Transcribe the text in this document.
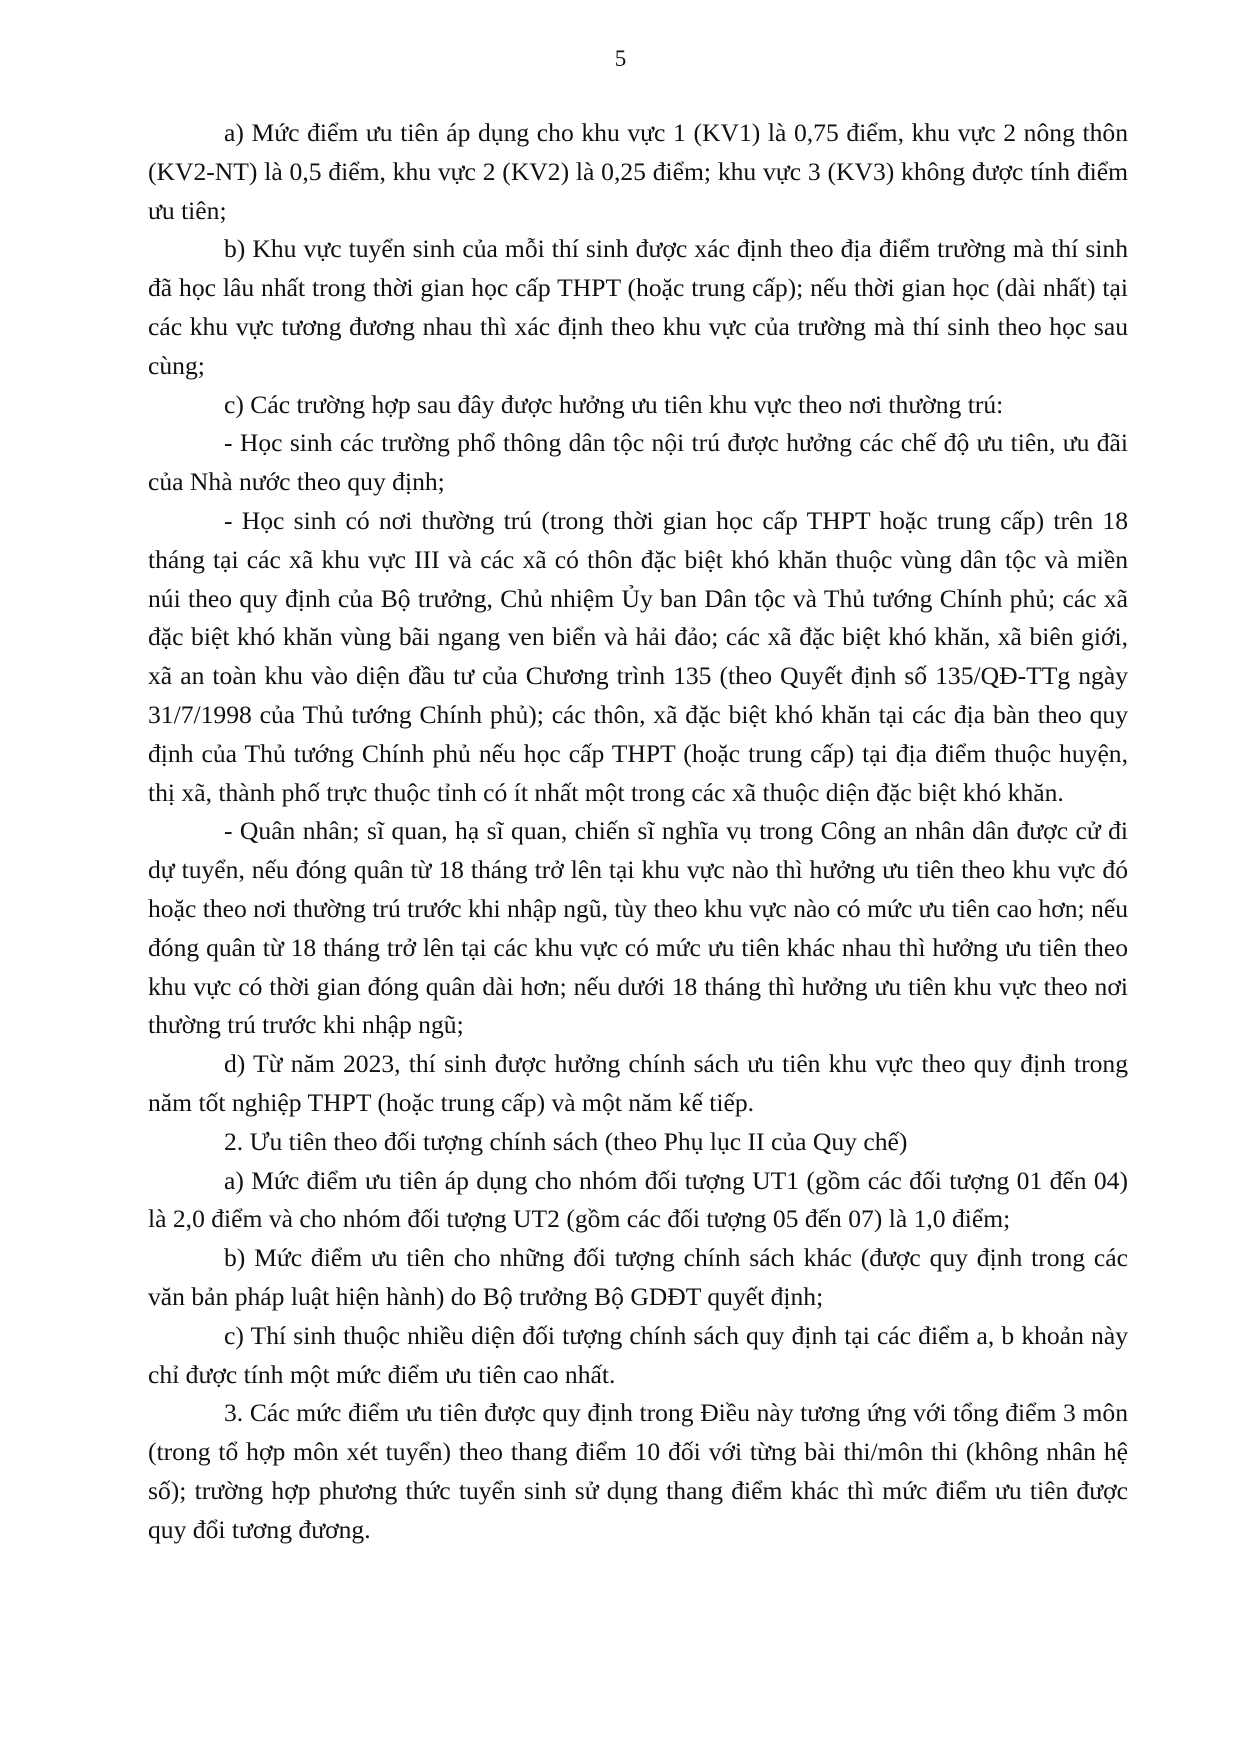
5

a) Mức điểm ưu tiên áp dụng cho khu vực 1 (KV1) là 0,75 điểm, khu vực 2 nông thôn (KV2-NT) là 0,5 điểm, khu vực 2 (KV2) là 0,25 điểm; khu vực 3 (KV3) không được tính điểm ưu tiên;

b) Khu vực tuyển sinh của mỗi thí sinh được xác định theo địa điểm trường mà thí sinh đã học lâu nhất trong thời gian học cấp THPT (hoặc trung cấp); nếu thời gian học (dài nhất) tại các khu vực tương đương nhau thì xác định theo khu vực của trường mà thí sinh theo học sau cùng;

c) Các trường hợp sau đây được hưởng ưu tiên khu vực theo nơi thường trú:

- Học sinh các trường phổ thông dân tộc nội trú được hưởng các chế độ ưu tiên, ưu đãi của Nhà nước theo quy định;

- Học sinh có nơi thường trú (trong thời gian học cấp THPT hoặc trung cấp) trên 18 tháng tại các xã khu vực III và các xã có thôn đặc biệt khó khăn thuộc vùng dân tộc và miền núi theo quy định của Bộ trưởng, Chủ nhiệm Ủy ban Dân tộc và Thủ tướng Chính phủ; các xã đặc biệt khó khăn vùng bãi ngang ven biển và hải đảo; các xã đặc biệt khó khăn, xã biên giới, xã an toàn khu vào diện đầu tư của Chương trình 135 (theo Quyết định số 135/QĐ-TTg ngày 31/7/1998 của Thủ tướng Chính phủ); các thôn, xã đặc biệt khó khăn tại các địa bàn theo quy định của Thủ tướng Chính phủ nếu học cấp THPT (hoặc trung cấp) tại địa điểm thuộc huyện, thị xã, thành phố trực thuộc tỉnh có ít nhất một trong các xã thuộc diện đặc biệt khó khăn.

- Quân nhân; sĩ quan, hạ sĩ quan, chiến sĩ nghĩa vụ trong Công an nhân dân được cử đi dự tuyển, nếu đóng quân từ 18 tháng trở lên tại khu vực nào thì hưởng ưu tiên theo khu vực đó hoặc theo nơi thường trú trước khi nhập ngũ, tùy theo khu vực nào có mức ưu tiên cao hơn; nếu đóng quân từ 18 tháng trở lên tại các khu vực có mức ưu tiên khác nhau thì hưởng ưu tiên theo khu vực có thời gian đóng quân dài hơn; nếu dưới 18 tháng thì hưởng ưu tiên khu vực theo nơi thường trú trước khi nhập ngũ;

d) Từ năm 2023, thí sinh được hưởng chính sách ưu tiên khu vực theo quy định trong năm tốt nghiệp THPT (hoặc trung cấp) và một năm kế tiếp.

2. Ưu tiên theo đối tượng chính sách (theo Phụ lục II của Quy chế)

a) Mức điểm ưu tiên áp dụng cho nhóm đối tượng UT1 (gồm các đối tượng 01 đến 04) là 2,0 điểm và cho nhóm đối tượng UT2 (gồm các đối tượng 05 đến 07) là 1,0 điểm;

b) Mức điểm ưu tiên cho những đối tượng chính sách khác (được quy định trong các văn bản pháp luật hiện hành) do Bộ trưởng Bộ GDĐT quyết định;

c) Thí sinh thuộc nhiều diện đối tượng chính sách quy định tại các điểm a, b khoản này chỉ được tính một mức điểm ưu tiên cao nhất.

3. Các mức điểm ưu tiên được quy định trong Điều này tương ứng với tổng điểm 3 môn (trong tổ hợp môn xét tuyển) theo thang điểm 10 đối với từng bài thi/môn thi (không nhân hệ số); trường hợp phương thức tuyển sinh sử dụng thang điểm khác thì mức điểm ưu tiên được quy đổi tương đương.
